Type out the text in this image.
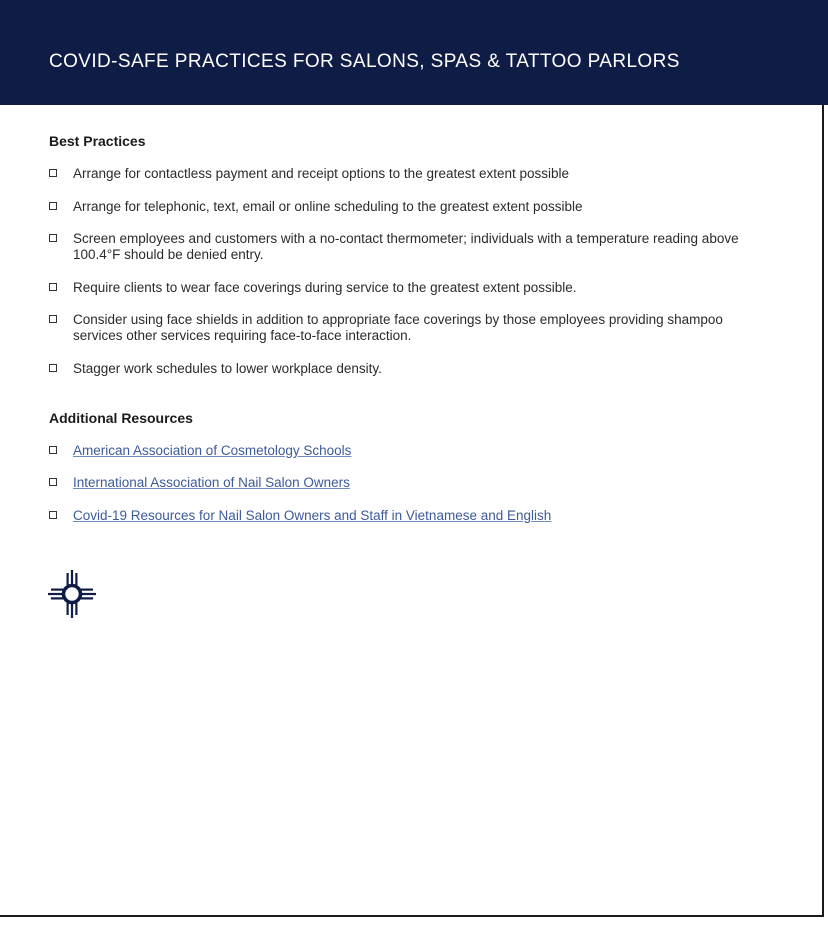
COVID-SAFE PRACTICES FOR SALONS, SPAS & TATTOO PARLORS
Best Practices
Arrange for contactless payment and receipt options to the greatest extent possible
Arrange for telephonic, text, email or online scheduling to the greatest extent possible
Screen employees and customers with a no-contact thermometer; individuals with a temperature reading above 100.4°F should be denied entry.
Require clients to wear face coverings during service to the greatest extent possible.
Consider using face shields in addition to appropriate face coverings by those employees providing shampoo services other services requiring face-to-face interaction.
Stagger work schedules to lower workplace density.
Additional Resources
American Association of Cosmetology Schools
International Association of Nail Salon Owners
Covid-19 Resources for Nail Salon Owners and Staff in Vietnamese and English
